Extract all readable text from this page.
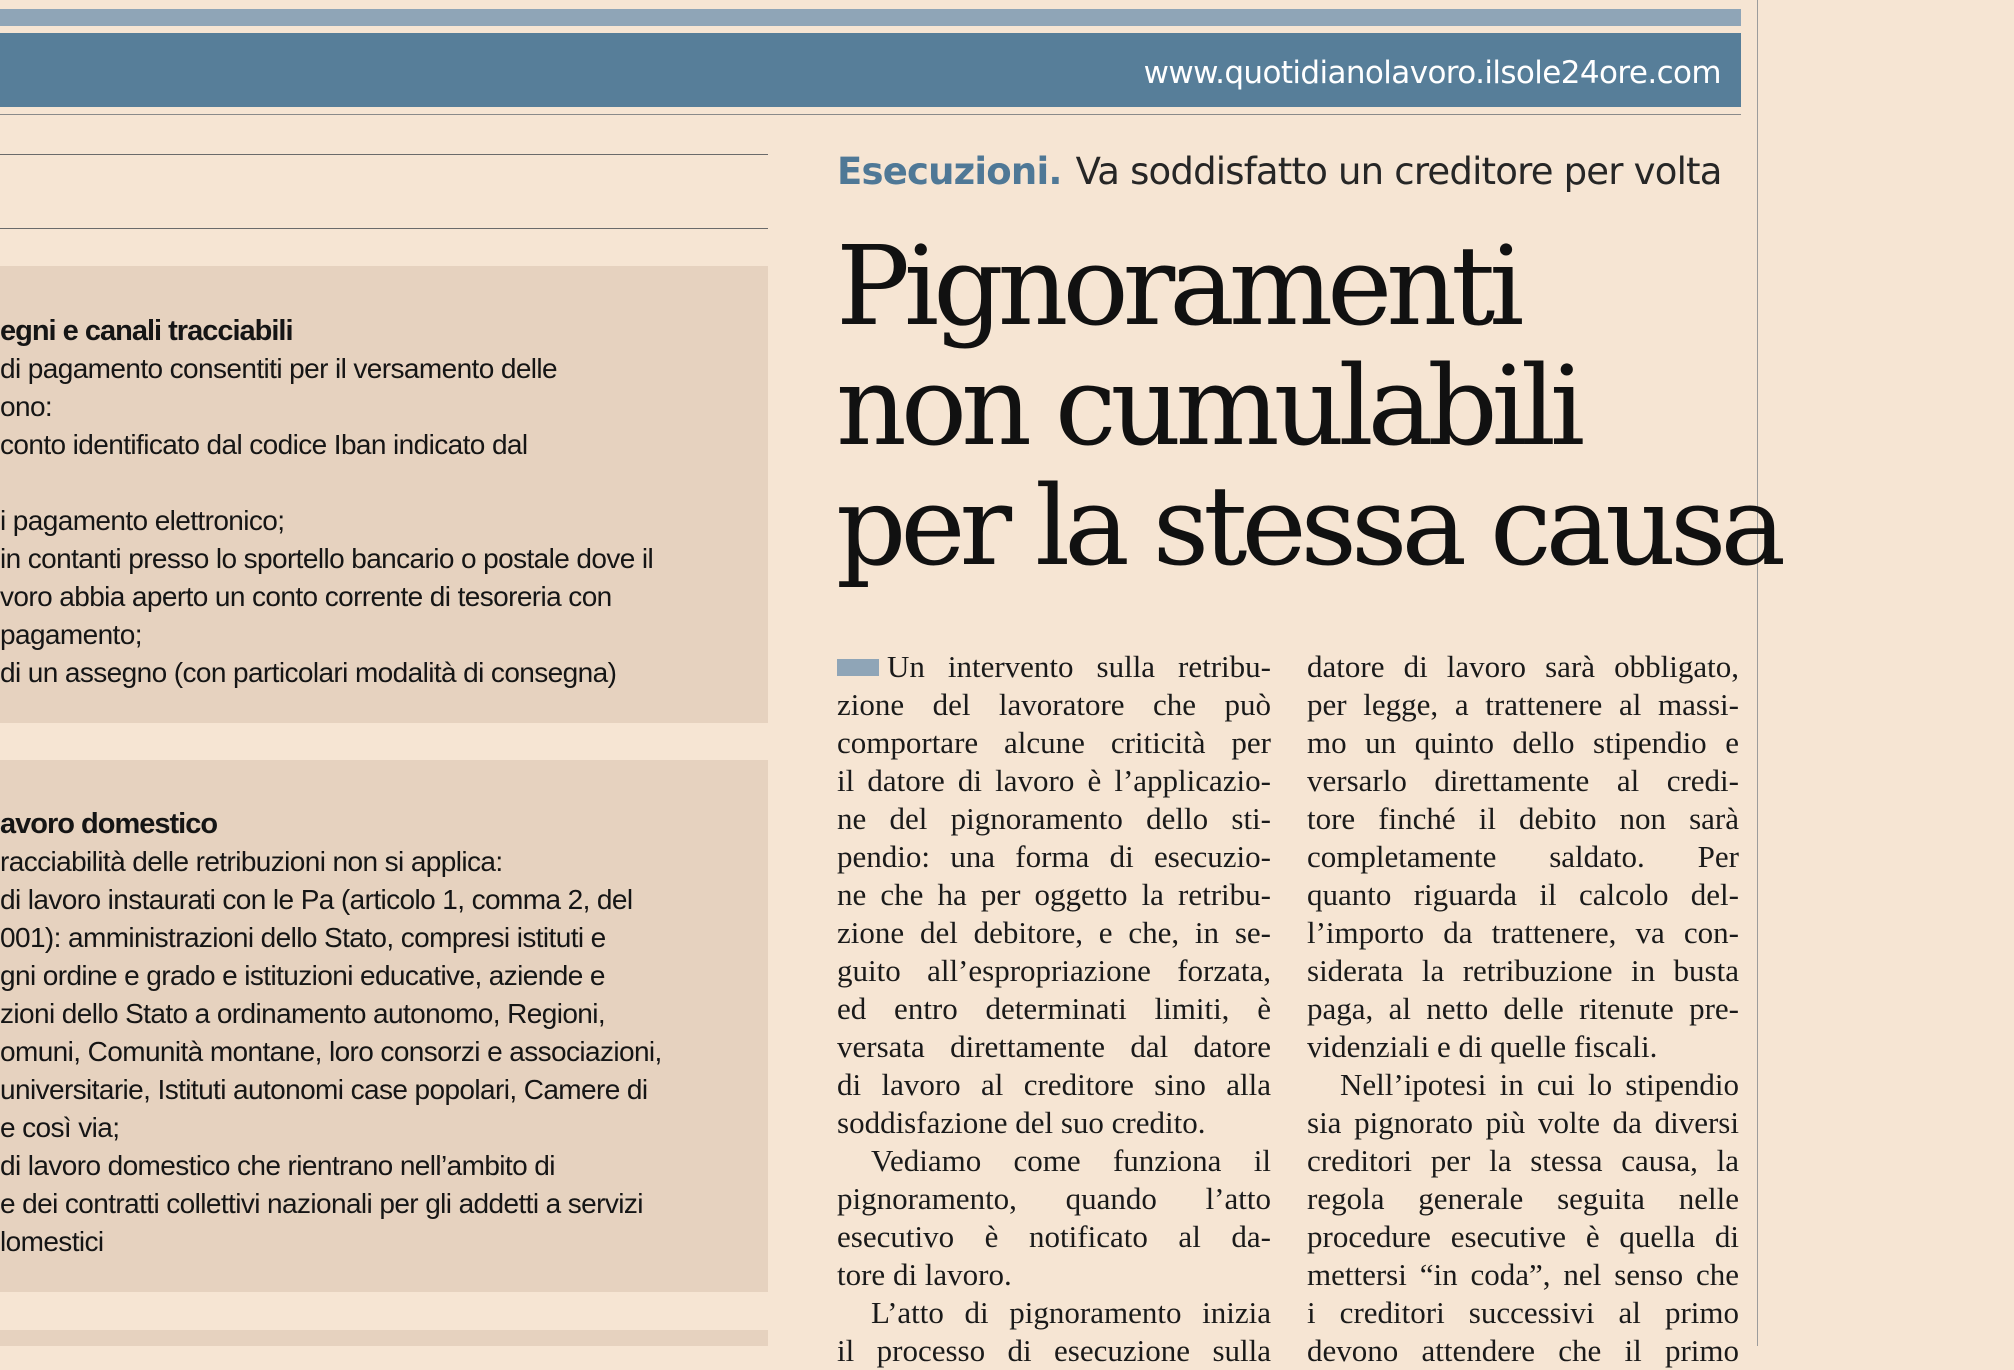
www.quotidianolavoro.ilsole24ore.com
egni e canali tracciabili
di pagamento consentiti per il versamento delle
ono:
conto identificato dal codice Iban indicato dal
i pagamento elettronico;
in contanti presso lo sportello bancario o postale dove il
voro abbia aperto un conto corrente di tesoreria con
pagamento;
di un assegno (con particolari modalità di consegna)
avoro domestico
racciabilità delle retribuzioni non si applica:
di lavoro instaurati con le Pa (articolo 1, comma 2, del
001): amministrazioni dello Stato, compresi istituti e
gni ordine e grado e istituzioni educative, aziende e
zioni dello Stato a ordinamento autonomo, Regioni,
omuni, Comunità montane, loro consorzi e associazioni,
universitarie, Istituti autonomi case popolari, Camere di
e così via;
di lavoro domestico che rientrano nell’ambito di
e dei contratti collettivi nazionali per gli addetti a servizi
lomestici
Esecuzioni. Va soddisfatto un creditore per volta
Pignoramenti
non cumulabili
per la stessa causa
Un intervento sulla retribu-
zione del lavoratore che può
comportare alcune criticità per
il datore di lavoro è l’applicazio-
ne del pignoramento dello sti-
pendio: una forma di esecuzio-
ne che ha per oggetto la retribu-
zione del debitore, e che, in se-
guito all’espropriazione forzata,
ed entro determinati limiti, è
versata direttamente dal datore
di lavoro al creditore sino alla
soddisfazione del suo credito.
Vediamo come funziona il
pignoramento, quando l’atto
esecutivo è notificato al da-
tore di lavoro.
L’atto di pignoramento inizia
il processo di esecuzione sulla
datore di lavoro sarà obbligato,
per legge, a trattenere al massi-
mo un quinto dello stipendio e
versarlo direttamente al credi-
tore finché il debito non sarà
completamente saldato. Per
quanto riguarda il calcolo del-
l’importo da trattenere, va con-
siderata la retribuzione in busta
paga, al netto delle ritenute pre-
videnziali e di quelle fiscali.
Nell’ipotesi in cui lo stipendio
sia pignorato più volte da diversi
creditori per la stessa causa, la
regola generale seguita nelle
procedure esecutive è quella di
mettersi “in coda”, nel senso che
i creditori successivi al primo
devono attendere che il primo
